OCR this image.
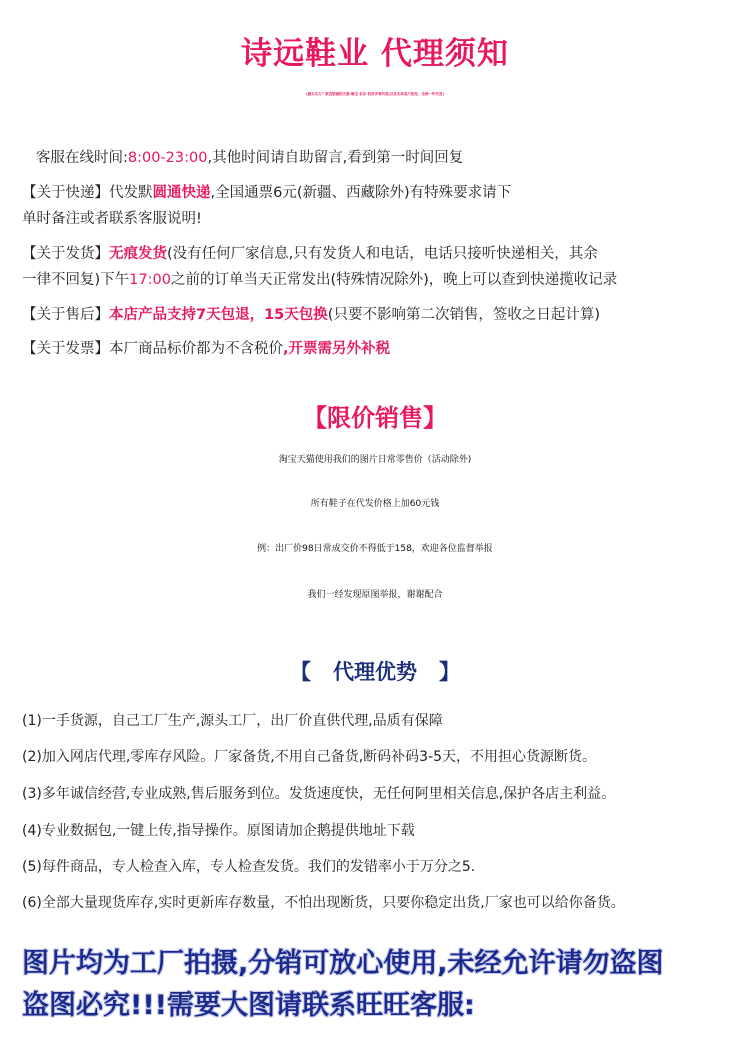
诗远鞋业 代理须知
(源头实力厂家直销诚招天猫·淘宝·京东·拼多多等代理,以及实体客户批发、全国一件代发)
客服在线时间:8:00-23:00,其他时间请自助留言,看到第一时间回复
【关于快递】代发默圆通快递,全国通票6元(新疆、西藏除外)有特殊要求请下
单时备注或者联系客服说明!
【关于发货】无痕发货(没有任何厂家信息,只有发货人和电话，电话只接听快递相关，其余
一律不回复)下午17:00之前的订单当天正常发出(特殊情况除外)，晚上可以查到快递揽收记录
【关于售后】本店产品支持7天包退，15天包换(只要不影响第二次销售，签收之日起计算)
【关于发票】本厂商品标价都为不含税价,开票需另外补税
【限价销售】
淘宝天猫使用我们的图片日常零售价（活动除外)
所有鞋子在代发价格上加60元钱
例：出厂价98日常成交价不得低于158，欢迎各位监督举报
我们一经发现原图举报，谢谢配合
【 代理优势 】
(1)一手货源，自己工厂生产,源头工厂，出厂价直供代理,品质有保障
(2)加入网店代理,零库存风险。厂家备货,不用自己备货,断码补码3-5天，不用担心货源断货。
(3)多年诚信经营,专业成熟,售后服务到位。发货速度快，无任何阿里相关信息,保护各店主利益。
(4)专业数据包,一键上传,指导操作。原图请加企鹅提供地址下载
(5)每件商品，专人检查入库，专人检查发货。我们的发错率小于万分之5.
(6)全部大量现货库存,实时更新库存数量，不怕出现断货，只要你稳定出货,厂家也可以给你备货。
图片均为工厂拍摄,分销可放心使用,未经允许请勿盗图
盗图必究!!!需要大图请联系旺旺客服:
